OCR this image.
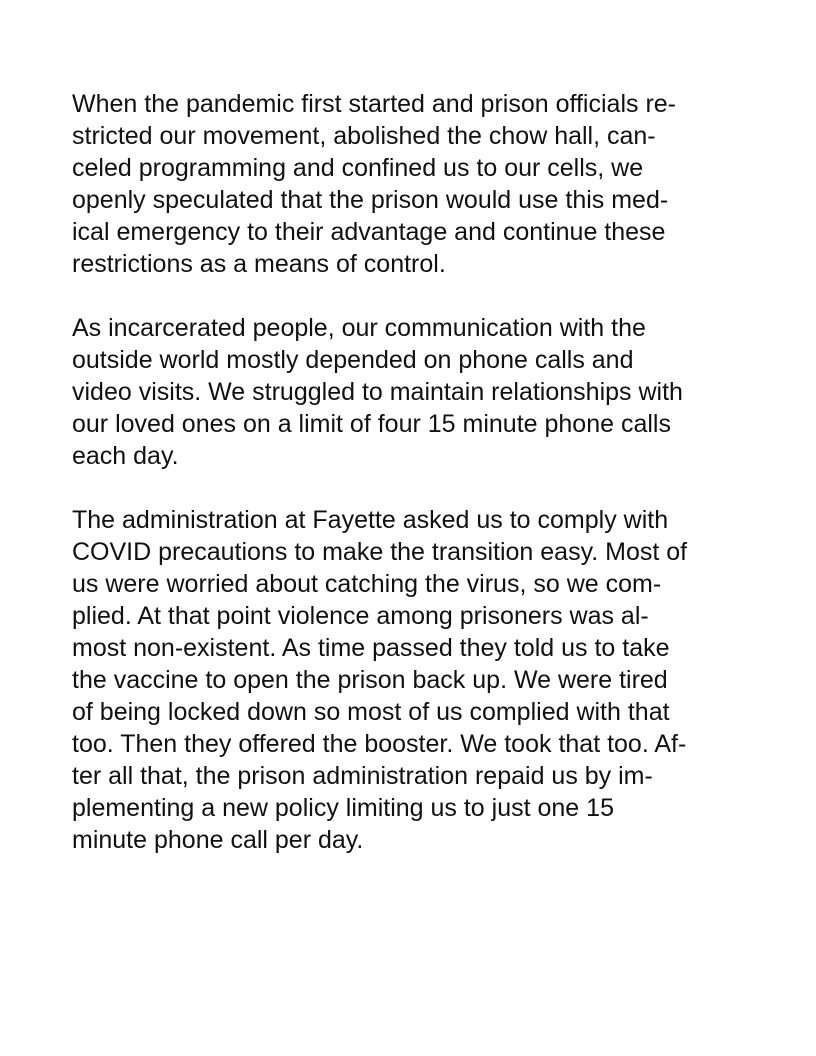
When the pandemic first started and prison officials re-
stricted our movement, abolished the chow hall, can-
celed programming and confined us to our cells, we
openly speculated that the prison would use this med-
ical emergency to their advantage and continue these
restrictions as a means of control.

As incarcerated people, our communication with the
outside world mostly depended on phone calls and
video visits. We struggled to maintain relationships with
our loved ones on a limit of four 15 minute phone calls
each day.

The administration at Fayette asked us to comply with
COVID precautions to make the transition easy. Most of
us were worried about catching the virus, so we com-
plied. At that point violence among prisoners was al-
most non-existent. As time passed they told us to take
the vaccine to open the prison back up. We were tired
of being locked down so most of us complied with that
too. Then they offered the booster. We took that too. Af-
ter all that, the prison administration repaid us by im-
plementing a new policy limiting us to just one 15
minute phone call per day.
